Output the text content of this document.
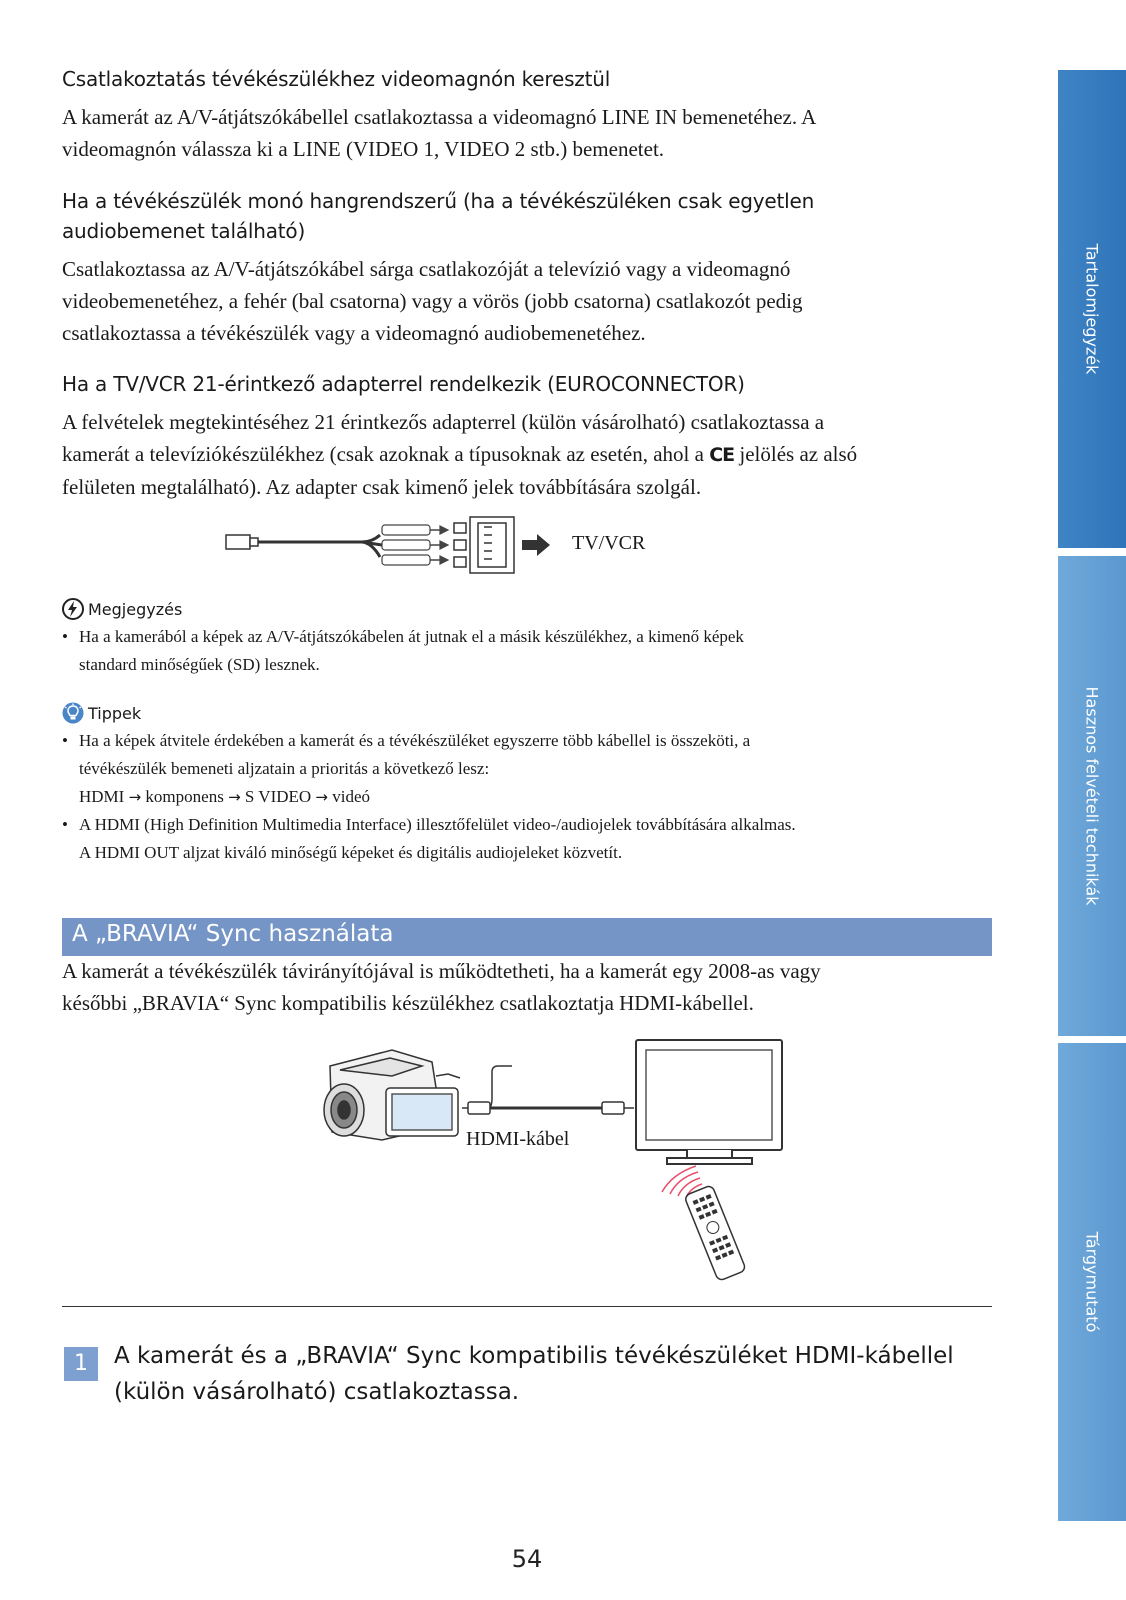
Csatlakoztatás tévékészülékhez videomagnón keresztül
A kamerát az A/V-átjátszókábellel csatlakoztassa a videomagnó LINE IN bemenetéhez. A
videomagnón válassza ki a LINE (VIDEO 1, VIDEO 2 stb.) bemenetet.
Ha a tévékészülék monó hangrendszerű (ha a tévékészüléken csak egyetlen
audiobemenet található)
Csatlakoztassa az A/V-átjátszókábel sárga csatlakozóját a televízió vagy a videomagnó
videobemenetéhez, a fehér (bal csatorna) vagy a vörös (jobb csatorna) csatlakozót pedig
csatlakoztassa a tévékészülék vagy a videomagnó audiobemenetéhez.
Ha a TV/VCR 21-érintkező adapterrel rendelkezik (EUROCONNECTOR)
A felvételek megtekintéséhez 21 érintkezős adapterrel (külön vásárolható) csatlakoztassa a
kamerát a televíziókészülékhez (csak azoknak a típusoknak az esetén, ahol a CE jelölés az alsó
felületen megtalálható). Az adapter csak kimenő jelek továbbítására szolgál.
TV/VCR
Megjegyzés
• Ha a kamerából a képek az A/V-átjátszókábelen át jutnak el a másik készülékhez, a kimenő képek
standard minőségűek (SD) lesznek.
Tippek
• Ha a képek átvitele érdekében a kamerát és a tévékészüléket egyszerre több kábellel is összeköti, a
tévékészülék bemeneti aljzatain a prioritás a következő lesz:
HDMI → komponens → S VIDEO → videó
• A HDMI (High Definition Multimedia Interface) illesztőfelület video-/audiojelek továbbítására alkalmas.
A HDMI OUT aljzat kiváló minőségű képeket és digitális audiojeleket közvetít.
A „BRAVIA“ Sync használata
A kamerát a tévékészülék távirányítójával is működtetheti, ha a kamerát egy 2008-as vagy
későbbi „BRAVIA“ Sync kompatibilis készülékhez csatlakoztatja HDMI-kábellel.
HDMI-kábel
1	A kamerát és a „BRAVIA“ Sync kompatibilis tévékészüléket HDMI-kábellel
(külön vásárolható) csatlakoztassa.
54
Tartalomjegyzék
Hasznos felvételi technikák
Tárgymutató
